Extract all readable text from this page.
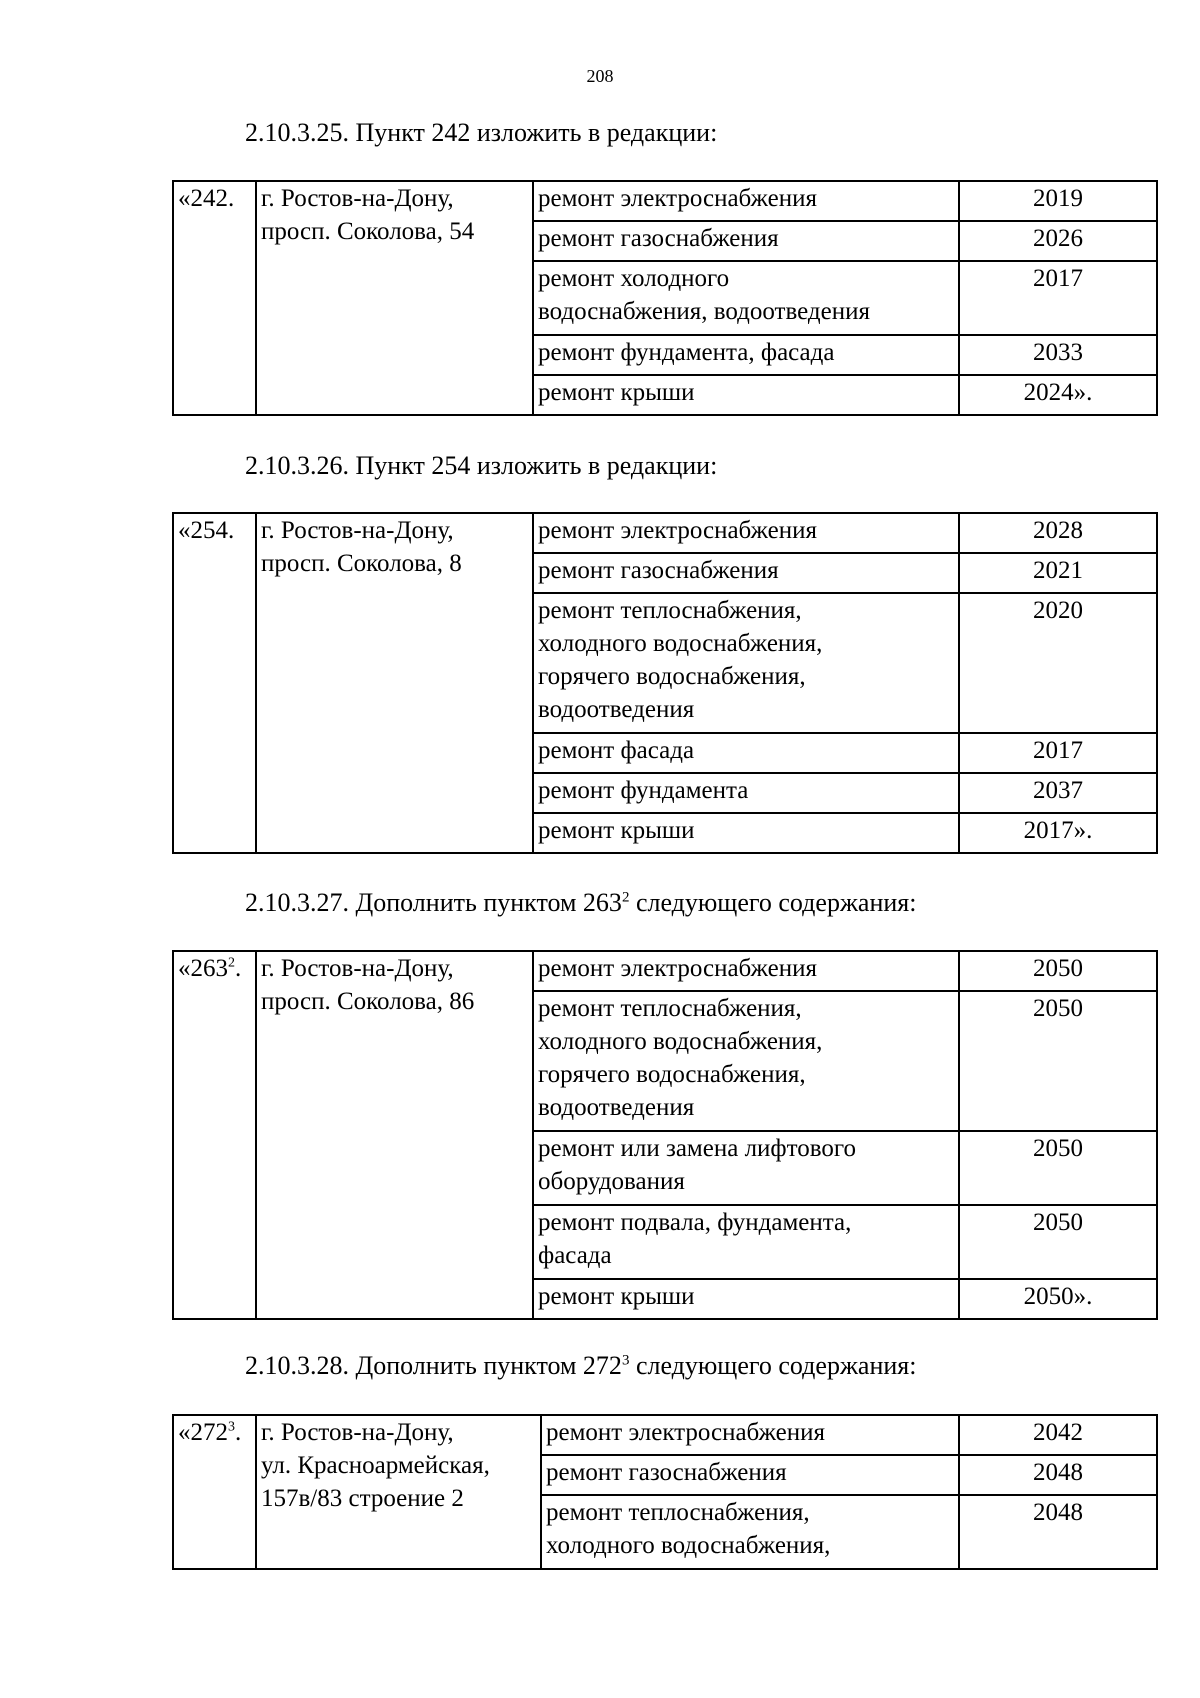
208
2.10.3.25. Пункт 242 изложить в редакции:
«242.	г. Ростов-на-Дону,
просп. Соколова, 54	ремонт электроснабжения	2019

		ремонт газоснабжения	2026

		ремонт холодного
водоснабжения, водоотведения	2017

		ремонт фундамента, фасада	2033

		ремонт крыши	2024».
2.10.3.26. Пункт 254 изложить в редакции:
«254.	г. Ростов-на-Дону,
просп. Соколова, 8	ремонт электроснабжения	2028

		ремонт газоснабжения	2021

		ремонт теплоснабжения,
холодного водоснабжения,
горячего водоснабжения,
водоотведения	2020

		ремонт фасада	2017

		ремонт фундамента	2037

		ремонт крыши	2017».
2.10.3.27. Дополнить пунктом $263^2$ следующего содержания:
«$263^2$.	г. Ростов-на-Дону,
просп. Соколова, 86	ремонт электроснабжения	2050

		ремонт теплоснабжения,
холодного водоснабжения,
горячего водоснабжения,
водоотведения	2050

		ремонт или замена лифтового
оборудования	2050

		ремонт подвала, фундамента,
фасада	2050

		ремонт крыши	2050».
2.10.3.28. Дополнить пунктом $272^3$ следующего содержания:
«$272^3$.	г. Ростов-на-Дону,
ул. Красноармейская,
157в/83 строение 2	ремонт электроснабжения	2042

		ремонт газоснабжения	2048

		ремонт теплоснабжения,
холодного водоснабжения,	2048
